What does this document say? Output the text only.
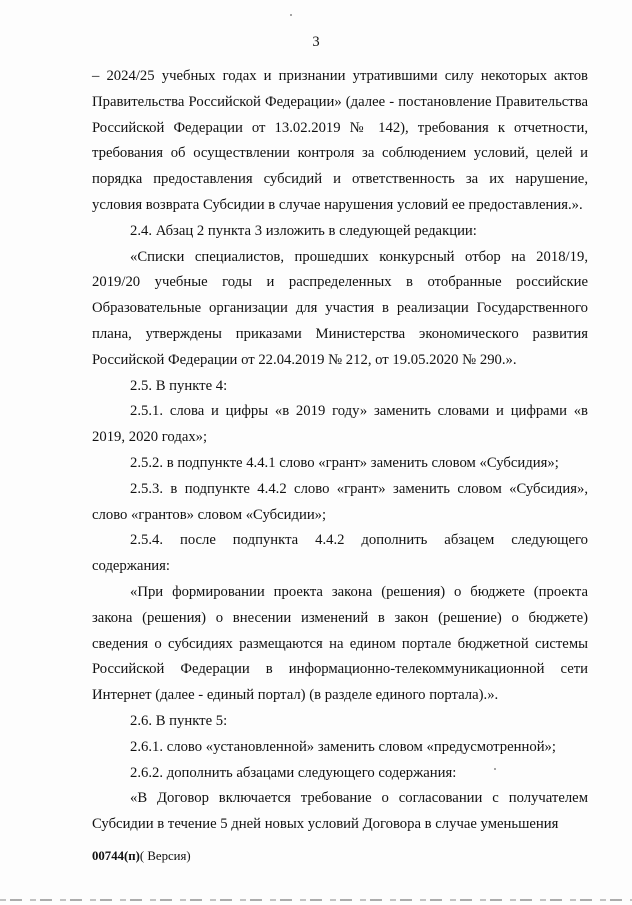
3

– 2024/25 учебных годах и признании утратившими силу некоторых актов Правительства Российской Федерации» (далее - постановление Правительства Российской Федерации от 13.02.2019 № 142), требования к отчетности, требования об осуществлении контроля за соблюдением условий, целей и порядка предоставления субсидий и ответственность за их нарушение, условия возврата Субсидии в случае нарушения условий ее предоставления.».

2.4. Абзац 2 пункта 3 изложить в следующей редакции:

«Списки специалистов, прошедших конкурсный отбор на 2018/19, 2019/20 учебные годы и распределенных в отобранные российские Образовательные организации для участия в реализации Государственного плана, утверждены приказами Министерства экономического развития Российской Федерации от 22.04.2019 № 212, от 19.05.2020 № 290.».

2.5. В пункте 4:

2.5.1. слова и цифры «в 2019 году» заменить словами и цифрами «в 2019, 2020 годах»;

2.5.2. в подпункте 4.4.1 слово «грант» заменить словом «Субсидия»;

2.5.3. в подпункте 4.4.2 слово «грант» заменить словом «Субсидия», слово «грантов» словом «Субсидии»;

2.5.4. после подпункта 4.4.2 дополнить абзацем следующего содержания:

«При формировании проекта закона (решения) о бюджете (проекта закона (решения) о внесении изменений в закон (решение) о бюджете) сведения о субсидиях размещаются на едином портале бюджетной системы Российской Федерации в информационно-телекоммуникационной сети Интернет (далее - единый портал) (в разделе единого портала).».

2.6. В пункте 5:

2.6.1. слово «установленной» заменить словом «предусмотренной»;

2.6.2. дополнить абзацами следующего содержания:

«В Договор включается требование о согласовании с получателем Субсидии в течение 5 дней новых условий Договора в случае уменьшения

00744(п)( Версия)
